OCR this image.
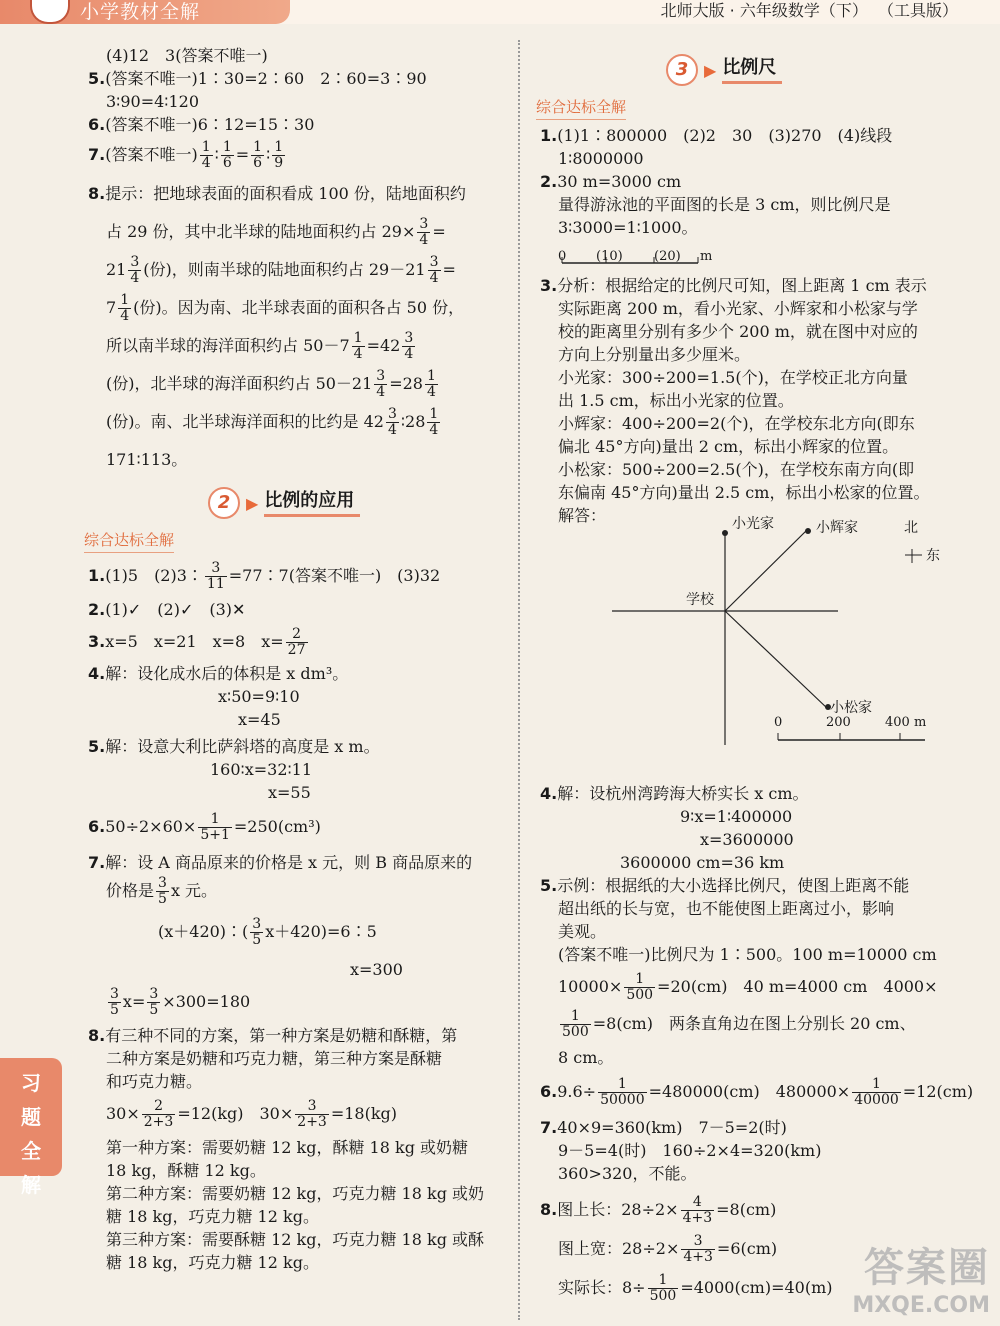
小学教材全解	北师大版 · 六年级数学（下）  （工具版）
习
题
全
解
(4)12　3(答案不唯一)
5.(答案不唯一)1∶30=2∶60　2∶60=3∶90
3∶90=4∶120
6.(答案不唯一)6∶12=15∶30
7.(答案不唯一) $\frac{1}{4}$ ∶ $\frac{1}{6} = \frac{1}{6}$ ∶ $\frac{1}{9}$
8.提示：把地球表面的面积看成 100 份，陆地面积约
占 29 份，其中北半球的陆地面积约占 $29\times \frac{3}{4}$ =
$21 \frac{3}{4}$ (份)，则南半球的陆地面积约占 $29-21 \frac{3}{4}$ =
$7 \frac{1}{4}$ (份)。因为南、北半球表面的面积各占 50 份，
所以南半球的海洋面积约占 $50-7 \frac{1}{4} =42 \frac{3}{4}$
(份)，北半球的海洋面积约占 $50-21 \frac{3}{4} =28 \frac{1}{4}$
(份)。南、北半球海洋面积的比约是 $42 \frac{3}{4}$ ∶28 $\frac{1}{4}$
171∶113。
2 ▶ 比例的应用
综合达标全解
1.(1)5　(2)3∶ $\frac{3}{11}$ =77∶7(答案不唯一)　(3)32
2.(1)✓　(2)✓　(3)✕
3.x=5　x=21　x=8　$x= \frac{2}{27}$
4.解：设化成水后的体积是 x dm³。
x∶50=9∶10
x=45
5.解：设意大利比萨斜塔的高度是 x m。
160∶x=32∶11
x=55
$6.50\div 2\times 60\times \frac{1}{5+1} =250(cm^3)$
7.解：设 A 商品原来的价格是 x 元，则 B 商品原来的
价格是 $\frac{3}{5}$ x 元。
(x＋420)∶( $\frac{3}{5}$ x＋420)=6∶5
x=300
$\frac{3}{5} x= \frac{3}{5} \times 300=180$
8.有三种不同的方案，第一种方案是奶糖和酥糖，第
二种方案是奶糖和巧克力糖，第三种方案是酥糖
和巧克力糖。
$30\times \frac{2}{2+3} =12(kg)$　$30\times \frac{3}{2+3} =18(kg)$
第一种方案：需要奶糖 12 kg，酥糖 18 kg 或奶糖
18 kg，酥糖 12 kg。
第二种方案：需要奶糖 12 kg，巧克力糖 18 kg 或奶
糖 18 kg，巧克力糖 12 kg。
第三种方案：需要酥糖 12 kg，巧克力糖 18 kg 或酥
糖 18 kg，巧克力糖 12 kg。
3 ▶ 比例尺
综合达标全解
1.(1)1∶800000　(2)2　30　(3)270　(4)线段
1∶8000000
2.30 m=3000 cm
量得游泳池的平面图的长是 3 cm，则比例尺是
3∶3000=1∶1000。
0 (10) (20) m
3.分析：根据给定的比例尺可知，图上距离 1 cm 表示
实际距离 200 m，看小光家、小辉家和小松家与学
校的距离里分别有多少个 200 m，就在图中对应的
方向上分别量出多少厘米。
小光家：300÷200=1.5(个)，在学校正北方向量
出 1.5 cm，标出小光家的位置。
小辉家：400÷200=2(个)，在学校东北方向(即东
偏北 45°方向)量出 2 cm，标出小辉家的位置。
小松家：500÷200=2.5(个)，在学校东南方向(即
东偏南 45°方向)量出 2.5 cm，标出小松家的位置。
解答：	小光家	小辉家
小松家
学校
北
东
0	200	400 m
4.解：设杭州湾跨海大桥实长 x cm。
9∶x=1∶400000
x=3600000
3600000 cm=36 km
5.示例：根据纸的大小选择比例尺，使图上距离不能
超出纸的长与宽，也不能使图上距离过小，影响
美观。
(答案不唯一)比例尺为 1∶500。100 m=10000 cm
$10000\times \frac{1}{500} =20(cm)$　40 m=4000 cm　4000×
$\frac{1}{500} =8(cm)$　两条直角边在图上分别长 20 cm、
8 cm。
$6.9.6\div \frac{1}{50000} =480000(cm)$　$480000\times \frac{1}{40000} =12(cm)$
7.40×9=360(km)　7－5=2(时)
9－5=4(时)　160÷2×4=320(km)
360>320，不能。
8.图上长：$28\div 2\times \frac{4}{4+3} =8(cm)$
图上宽：$28\div 2\times \frac{3}{4+3} =6(cm)$
实际长：$8\div \frac{1}{500} =4000(cm)=40(m)$ 答案圈
MXQE.COM
